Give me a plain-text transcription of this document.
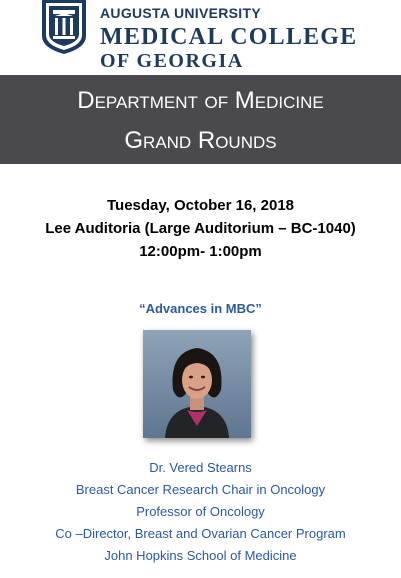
AUGUSTA UNIVERSITY
MEDICAL COLLEGE
OF GEORGIA
Department of Medicine
Grand Rounds
Tuesday, October 16, 2018
Lee Auditoria (Large Auditorium – BC-1040)
12:00pm- 1:00pm
“Advances in MBC”
Dr. Vered Stearns
Breast Cancer Research Chair in Oncology
Professor of Oncology
Co –Director, Breast and Ovarian Cancer Program
John Hopkins School of Medicine
